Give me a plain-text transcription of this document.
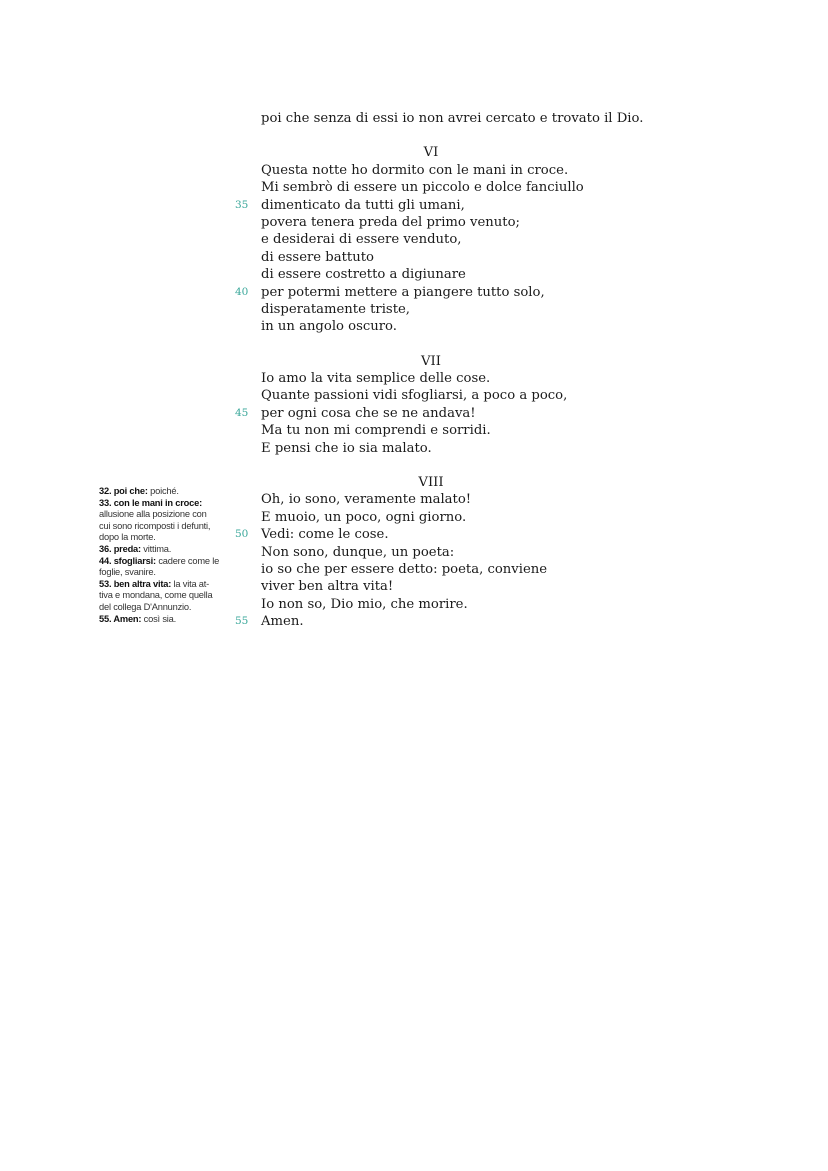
poi che senza di essi io non avrei cercato e trovato il Dio.
VI
Questa notte ho dormito con le mani in croce.
Mi sembrò di essere un piccolo e dolce fanciullo
35 dimenticato da tutti gli umani,
povera tenera preda del primo venuto;
e desiderai di essere venduto,
di essere battuto
di essere costretto a digiunare
40 per potermi mettere a piangere tutto solo,
disperatamente triste,
in un angolo oscuro.
VII
Io amo la vita semplice delle cose.
Quante passioni vidi sfogliarsi, a poco a poco,
45 per ogni cosa che se ne andava!
Ma tu non mi comprendi e sorridi.
E pensi che io sia malato.
VIII
Oh, io sono, veramente malato!
E muoio, un poco, ogni giorno.
50 Vedi: come le cose.
Non sono, dunque, un poeta:
io so che per essere detto: poeta, conviene
viver ben altra vita!
Io non so, Dio mio, che morire.
55 Amen.
32. poi che: poiché.
33. con le mani in croce:
allusione alla posizione con
cui sono ricomposti i defunti,
dopo la morte.
36. preda: vittima.
44. sfogliarsi: cadere come le
foglie, svanire.
53. ben altra vita: la vita at-
tiva e mondana, come quella
del collega D'Annunzio.
55. Amen: così sia.
